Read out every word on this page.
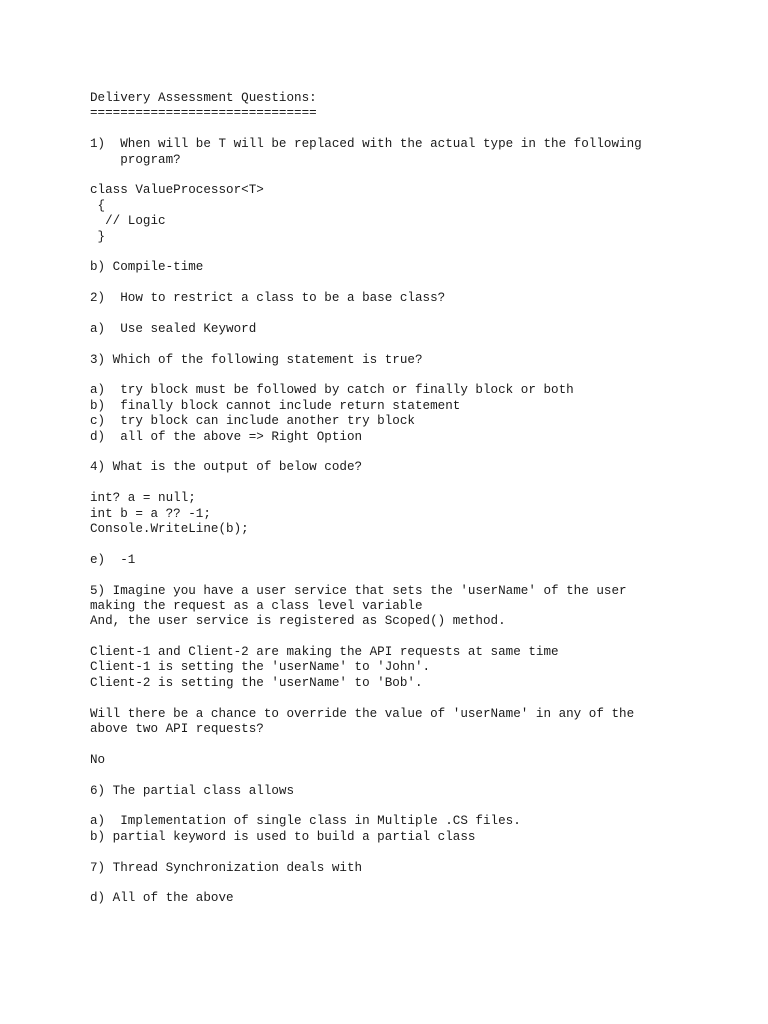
Delivery Assessment Questions:
==============================
1)  When will be T will be replaced with the actual type in the following
program?
class ValueProcessor<T>
{
// Logic
}
b) Compile-time
2)  How to restrict a class to be a base class?
a)  Use sealed Keyword
3) Which of the following statement is true?
a)  try block must be followed by catch or finally block or both
b)  finally block cannot include return statement
c)  try block can include another try block
d)  all of the above => Right Option
4) What is the output of below code?
int? a = null;
int b = a ?? -1;
Console.WriteLine(b);
e)  -1
5) Imagine you have a user service that sets the 'userName' of the user
making the request as a class level variable
And, the user service is registered as Scoped() method.
Client-1 and Client-2 are making the API requests at same time
Client-1 is setting the 'userName' to 'John'.
Client-2 is setting the 'userName' to 'Bob'.
Will there be a chance to override the value of 'userName' in any of the
above two API requests?
No
6) The partial class allows
a)  Implementation of single class in Multiple .CS files.
b) partial keyword is used to build a partial class
7) Thread Synchronization deals with
d) All of the above
